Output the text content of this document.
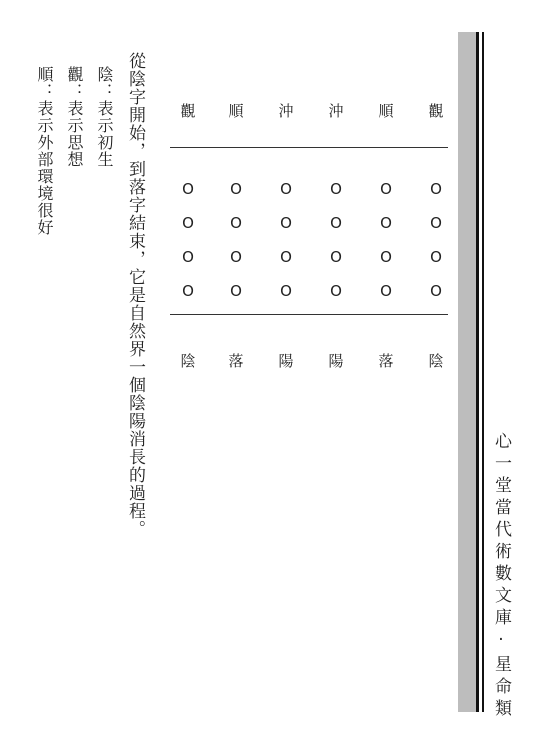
心一堂當代術數文庫·星命類
從陰字開始，到落字結束，它是自然界一個陰陽消長的過程。
陰：表示初生
觀：表示思想
順：表示外部環境很好	觀
O
O
O
O
陰
順
O
O
O
O
落
沖
O
O
O
O
陽
沖
O
O
O
O
陽
順
O
O
O
O
落
觀
O
O
O
O
陰
